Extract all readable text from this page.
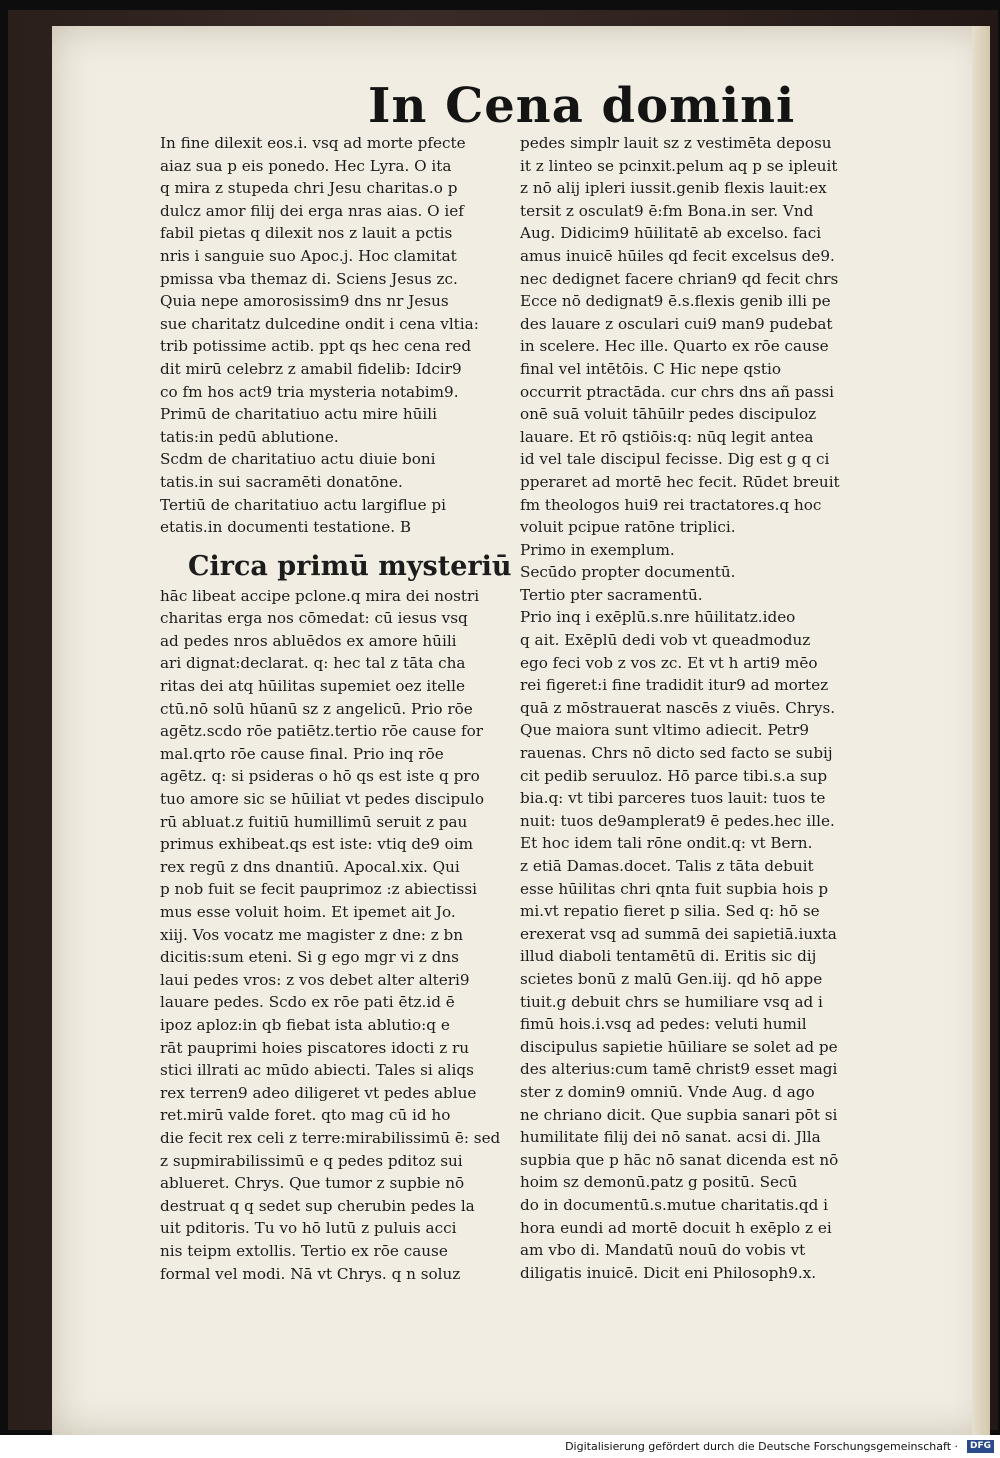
In Cena domini
In fine dilexit eos.i. vsq ad morte pfecte
aiaz sua p eis ponedo. Hec Lyra. O ita
q mira z stupeda chri Jesu charitas.o p
dulcz amor filij dei erga nras aias. O ief
fabil pietas q dilexit nos z lauit a pctis
nris i sanguie suo Apoc.j. Hoc clamitat
pmissa vba themaz di. Sciens Jesus zc.
Quia nepe amorosissim9 dns nr Jesus
sue charitatz dulcedine ondit i cena vltia:
trib potissime actib. ppt qs hec cena red
dit mirū celebrz z amabil fidelib: Idcir9
co fm hos act9 tria mysteria notabim9.
Primū de charitatiuo actu mire hūili
tatis:in pedū ablutione.
Scdm de charitatiuo actu diuie boni
tatis.in sui sacramēti donatōne.
Tertiū de charitatiuo actu largiflue pi
etatis.in documenti testatione. B
Circa primū mysteriū
hāc libeat accipe pclone.q mira dei nostri
charitas erga nos cōmedat: cū iesus vsq
ad pedes nros abluēdos ex amore hūili
ari dignat:declarat. q: hec tal z tāta cha
ritas dei atq hūilitas supemiet oez itelle
ctū.nō solū hūanū sz z angelicū. Prio rōe
agētz.scdo rōe patiētz.tertio rōe cause for
mal.qrto rōe cause final. Prio inq rōe
agētz. q: si psideras o hō qs est iste q pro
tuo amore sic se hūiliat vt pedes discipulo
rū abluat.z fuitiū humillimū seruit z pau
primus exhibeat.qs est iste: vtiq de9 oim
rex regū z dns dnantiū. Apocal.xix. Qui
p nob fuit se fecit pauprimoz :z abiectissi
mus esse voluit hoim. Et ipemet ait Jo.
xiij. Vos vocatz me magister z dne: z bn
dicitis:sum eteni. Si g ego mgr vi z dns
laui pedes vros: z vos debet alter alteri9
lauare pedes. Scdo ex rōe pati ētz.id ē
ipoz aploz:in qb fiebat ista ablutio:q e
rāt pauprimi hoies piscatores idocti z ru
stici illrati ac mūdo abiecti. Tales si aliqs
rex terren9 adeo diligeret vt pedes ablue
ret.mirū valde foret. qto mag cū id ho
die fecit rex celi z terre:mirabilissimū ē: sed
z supmirabilissimū e q pedes pditoz sui
ablueret. Chrys. Que tumor z supbie nō
destruat q q sedet sup cherubin pedes la
uit pditoris. Tu vo hō lutū z puluis acci
nis teipm extollis. Tertio ex rōe cause
formal vel modi. Nā vt Chrys. q n soluz
pedes simplr lauit sz z vestimēta deposu
it z linteo se pcinxit.pelum aq p se ipleuit
z nō alij ipleri iussit.genib flexis lauit:ex
tersit z osculat9 ē:fm Bona.in ser. Vnd
Aug. Didicim9 hūilitatē ab excelso. faci
amus inuicē hūiles qd fecit excelsus de9.
nec dedignet facere chrian9 qd fecit chrs
Ecce nō dedignat9 ē.s.flexis genib illi pe
des lauare z osculari cui9 man9 pudebat
in scelere. Hec ille. Quarto ex rōe cause
final vel intētōis. C Hic nepe qstio
occurrit ptractāda. cur chrs dns añ passi
onē suā voluit tāhūilr pedes discipuloz
lauare. Et rō qstiōis:q: nūq legit antea
id vel tale discipul fecisse. Dig est g q ci
pperaret ad mortē hec fecit. Rūdet breuit
fm theologos hui9 rei tractatores.q hoc
voluit pcipue ratōne triplici.
Primo in exemplum.
Secūdo propter documentū.
Tertio pter sacramentū.
Prio inq i exēplū.s.nre hūilitatz.ideo
q ait. Exēplū dedi vob vt queadmoduz
ego feci vob z vos zc. Et vt h arti9 mēo
rei figeret:i fine tradidit itur9 ad mortez
quā z mōstrauerat nascēs z viuēs. Chrys.
Que maiora sunt vltimo adiecit. Petr9
rauenas. Chrs nō dicto sed facto se subij
cit pedib seruuloz. Hō parce tibi.s.a sup
bia.q: vt tibi parceres tuos lauit: tuos te
nuit: tuos de9amplerat9 ē pedes.hec ille.
Et hoc idem tali rōne ondit.q: vt Bern.
z etiā Damas.docet. Talis z tāta debuit
esse hūilitas chri qnta fuit supbia hois p
mi.vt repatio fieret p silia. Sed q: hō se
erexerat vsq ad summā dei sapietiā.iuxta
illud diaboli tentamētū di. Eritis sic dij
scietes bonū z malū Gen.iij. qd hō appe
tiuit.g debuit chrs se humiliare vsq ad i
fimū hois.i.vsq ad pedes: veluti humil
discipulus sapietie hūiliare se solet ad pe
des alterius:cum tamē christ9 esset magi
ster z domin9 omniū. Vnde Aug. d ago
ne chriano dicit. Que supbia sanari pōt si
humilitate filij dei nō sanat. acsi di. Jlla
supbia que p hāc nō sanat dicenda est nō
hoim sz demonū.patz g positū. Secū
do in documentū.s.mutue charitatis.qd i
hora eundi ad mortē docuit h exēplo z ei
am vbo di. Mandatū nouū do vobis vt
diligatis inuicē. Dicit eni Philosoph9.x.
Digitalisierung gefördert durch die Deutsche Forschungsgemeinschaft ·	DFG
